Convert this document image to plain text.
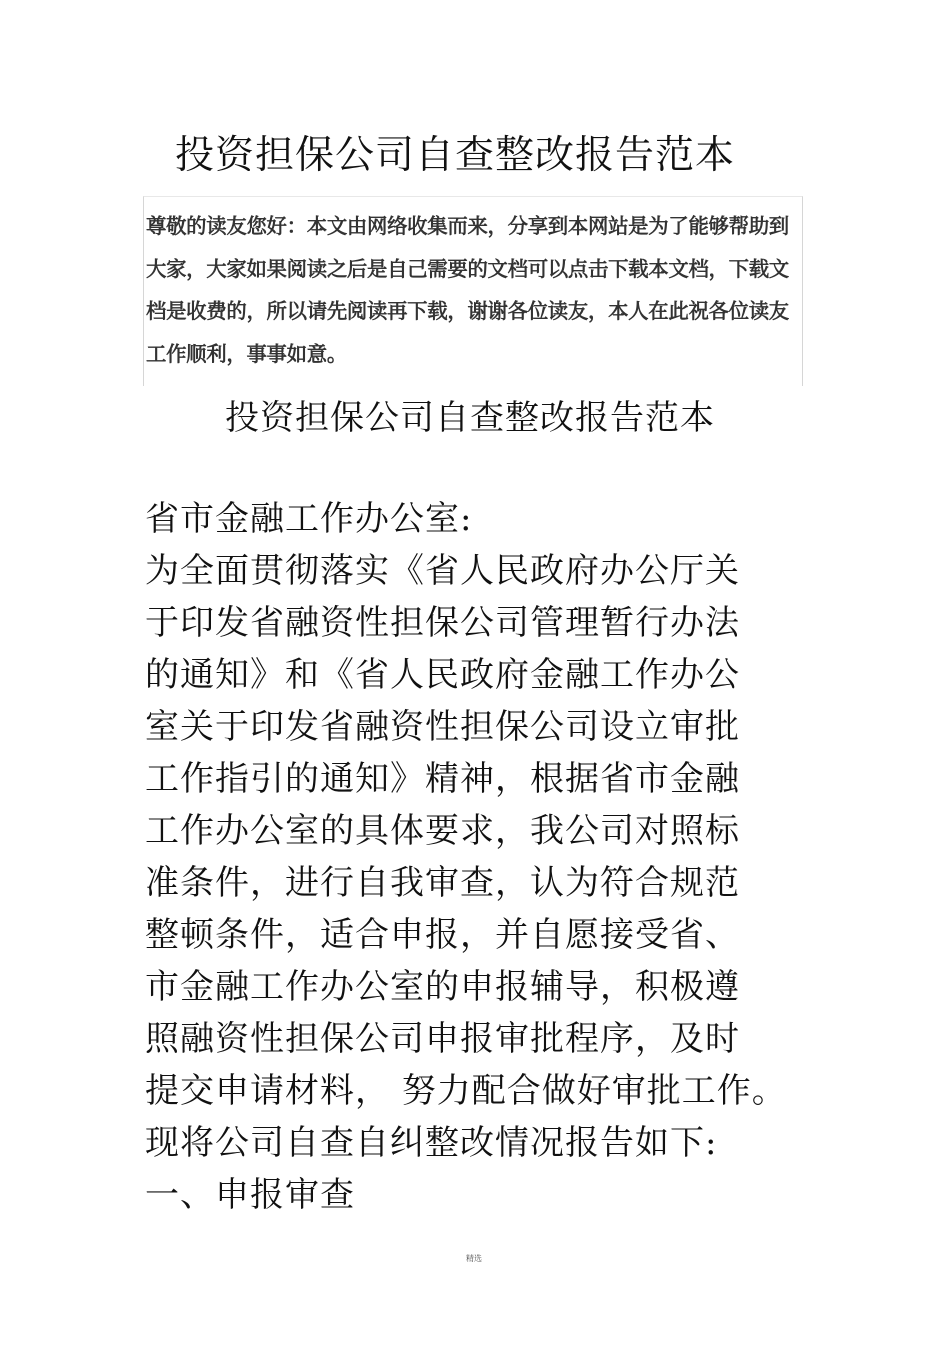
投资担保公司自查整改报告范本
尊敬的读友您好：本文由网络收集而来，分享到本网站是为了能够帮助到大家，大家如果阅读之后是自己需要的文档可以点击下载本文档，下载文档是收费的，所以请先阅读再下载，谢谢各位读友，本人在此祝各位读友工作顺利，事事如意。
投资担保公司自查整改报告范本
省市金融工作办公室:
为全面贯彻落实《省人民政府办公厅关
于印发省融资性担保公司管理暂行办法
的通知》和《省人民政府金融工作办公
室关于印发省融资性担保公司设立审批
工作指引的通知》精神，根据省市金融
工作办公室的具体要求，我公司对照标
准条件，进行自我审查，认为符合规范
整顿条件，适合申报，并自愿接受省、
市金融工作办公室的申报辅导，积极遵
照融资性担保公司申报审批程序，及时
提交申请材料， 努力配合做好审批工作。
现将公司自查自纠整改情况报告如下:
一、申报审查
精选
